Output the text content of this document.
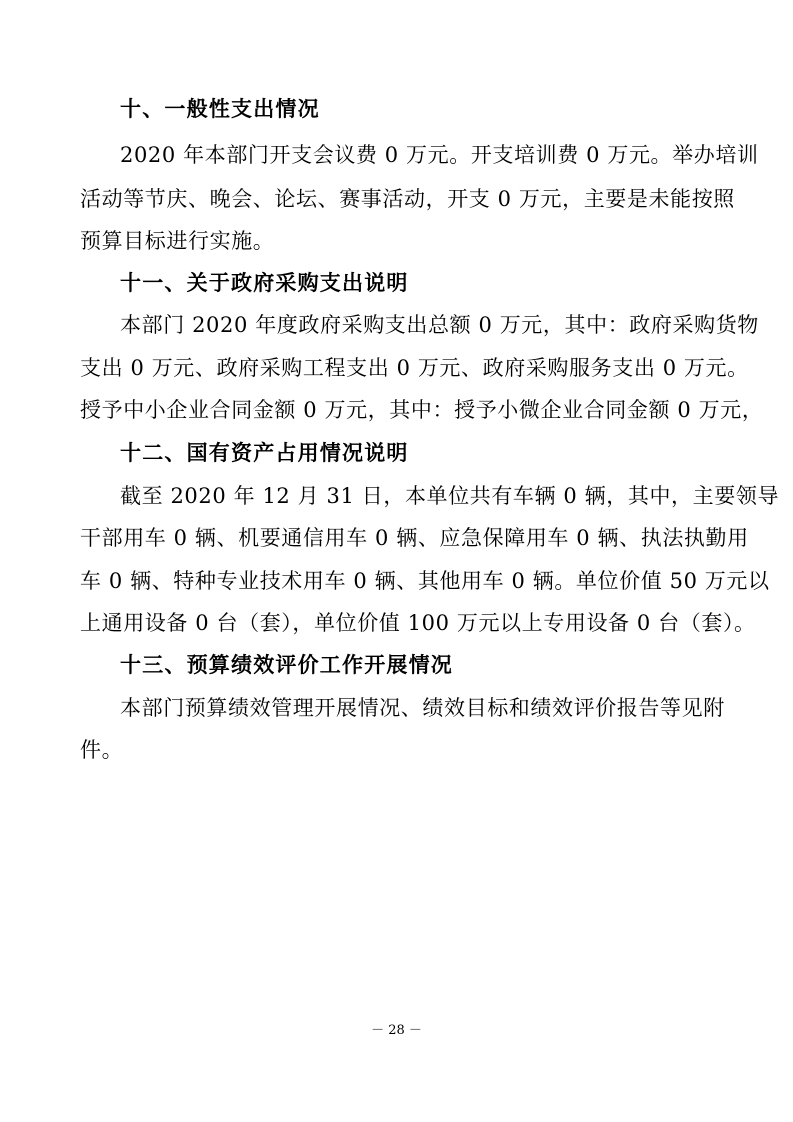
十、一般性支出情况
2020 年本部门开支会议费 0 万元。开支培训费 0 万元。举办培训
活动等节庆、晚会、论坛、赛事活动，开支 0 万元，主要是未能按照
预算目标进行实施。
十一、关于政府采购支出说明
本部门 2020 年度政府采购支出总额 0 万元，其中：政府采购货物
支出 0 万元、政府采购工程支出 0 万元、政府采购服务支出 0 万元。
授予中小企业合同金额 0 万元，其中：授予小微企业合同金额 0 万元，
十二、国有资产占用情况说明
截至 2020 年 12 月 31 日，本单位共有车辆 0 辆，其中，主要领导
干部用车 0 辆、机要通信用车 0 辆、应急保障用车 0 辆、执法执勤用
车 0 辆、特种专业技术用车 0 辆、其他用车 0 辆。单位价值 50 万元以
上通用设备 0 台（套），单位价值 100 万元以上专用设备 0 台（套）。
十三、预算绩效评价工作开展情况
本部门预算绩效管理开展情况、绩效目标和绩效评价报告等见附
件。
－ 28 －
